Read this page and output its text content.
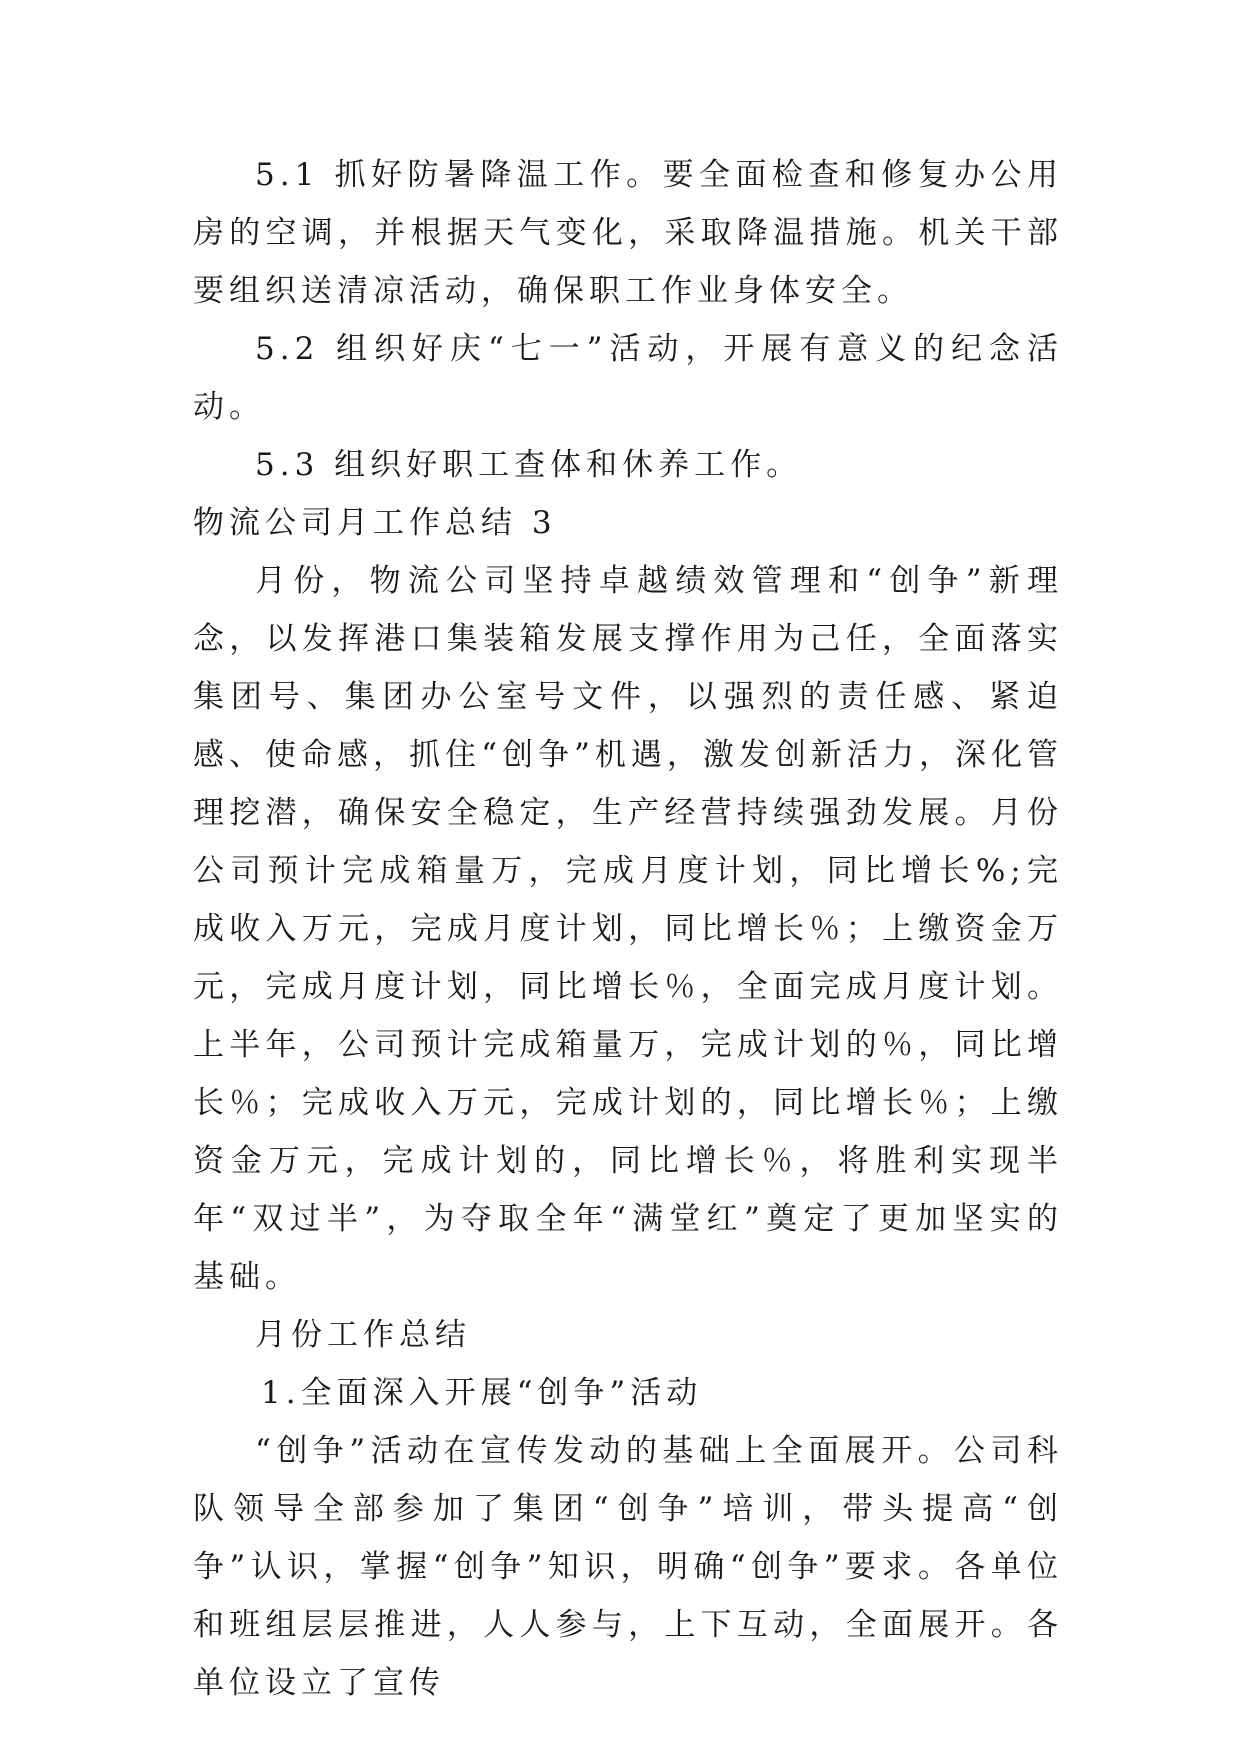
5.1 抓好防暑降温工作。要全面检查和修复办公用房的空调，并根据天气变化，采取降温措施。机关干部要组织送清凉活动，确保职工作业身体安全。

5.2 组织好庆“七一”活动，开展有意义的纪念活动。

5.3 组织好职工查体和休养工作。

物流公司月工作总结 3

月份，物流公司坚持卓越绩效管理和“创争”新理念，以发挥港口集装箱发展支撑作用为己任，全面落实集团号、集团办公室号文件，以强烈的责任感、紧迫感、使命感，抓住“创争”机遇，激发创新活力，深化管理挖潜，确保安全稳定，生产经营持续强劲发展。月份公司预计完成箱量万，完成月度计划，同比增长%;完成收入万元，完成月度计划，同比增长％；上缴资金万元，完成月度计划，同比增长％，全面完成月度计划。上半年，公司预计完成箱量万，完成计划的％，同比增长％；完成收入万元，完成计划的，同比增长％；上缴资金万元，完成计划的，同比增长％，将胜利实现半年“双过半”，为夺取全年“满堂红”奠定了更加坚实的基础。

月份工作总结

1.全面深入开展“创争”活动

“创争”活动在宣传发动的基础上全面展开。公司科队领导全部参加了集团“创争”培训，带头提高“创争”认识，掌握“创争”知识，明确“创争”要求。各单位和班组层层推进，人人参与，上下互动，全面展开。各单位设立了宣传
